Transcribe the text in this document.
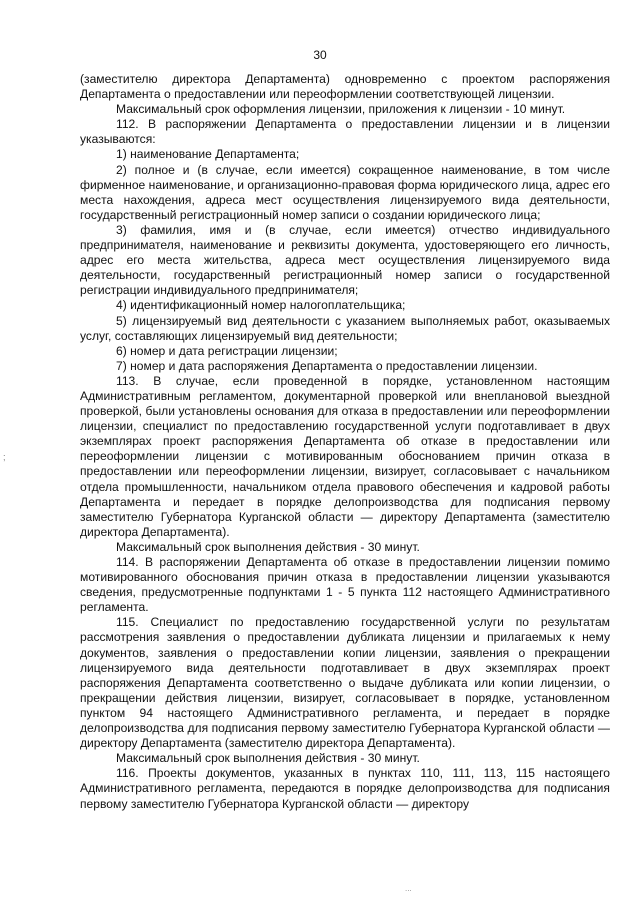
30

(заместителю директора Департамента) одновременно с проектом распоряжения Департамента о предоставлении или переоформлении соответствующей лицензии.

Максимальный срок оформления лицензии, приложения к лицензии - 10 минут.

112. В распоряжении Департамента о предоставлении лицензии и в лицензии указываются:

1) наименование Департамента;

2) полное и (в случае, если имеется) сокращенное наименование, в том числе фирменное наименование, и организационно-правовая форма юридического лица, адрес его места нахождения, адреса мест осуществления лицензируемого вида деятельности, государственный регистрационный номер записи о создании юридического лица;

3) фамилия, имя и (в случае, если имеется) отчество индивидуального предпринимателя, наименование и реквизиты документа, удостоверяющего его личность, адрес его места жительства, адреса мест осуществления лицензируемого вида деятельности, государственный регистрационный номер записи о государственной регистрации индивидуального предпринимателя;

4) идентификационный номер налогоплательщика;

5) лицензируемый вид деятельности с указанием выполняемых работ, оказываемых услуг, составляющих лицензируемый вид деятельности;

6) номер и дата регистрации лицензии;

7) номер и дата распоряжения Департамента о предоставлении лицензии.

113. В случае, если проведенной в порядке, установленном настоящим Административным регламентом, документарной проверкой или внеплановой выездной проверкой, были установлены основания для отказа в предоставлении или переоформлении лицензии, специалист по предоставлению государственной услуги подготавливает в двух экземплярах проект распоряжения Департамента об отказе в предоставлении или переоформлении лицензии с мотивированным обоснованием причин отказа в предоставлении или переоформлении лицензии, визирует, согласовывает с начальником отдела промышленности, начальником отдела правового обеспечения и кадровой работы Департамента и передает в порядке делопроизводства для подписания первому заместителю Губернатора Курганской области — директору Департамента (заместителю директора Департамента).

Максимальный срок выполнения действия - 30 минут.

114. В распоряжении Департамента об отказе в предоставлении лицензии помимо мотивированного обоснования причин отказа в предоставлении лицензии указываются сведения, предусмотренные подпунктами 1 - 5 пункта 112 настоящего Административного регламента.

115. Специалист по предоставлению государственной услуги по результатам рассмотрения заявления о предоставлении дубликата лицензии и прилагаемых к нему документов, заявления о предоставлении копии лицензии, заявления о прекращении лицензируемого вида деятельности подготавливает в двух экземплярах проект распоряжения Департамента соответственно о выдаче дубликата или копии лицензии, о прекращении действия лицензии, визирует, согласовывает в порядке, установленном пунктом 94 настоящего Административного регламента, и передает в порядке делопроизводства для подписания первому заместителю Губернатора Курганской области — директору Департамента (заместителю директора Департамента).

Максимальный срок выполнения действия - 30 минут.

116. Проекты документов, указанных в пунктах 110, 111, 113, 115 настоящего Административного регламента, передаются в порядке делопроизводства для подписания первому заместителю Губернатора Курганской области — директору

;
...
